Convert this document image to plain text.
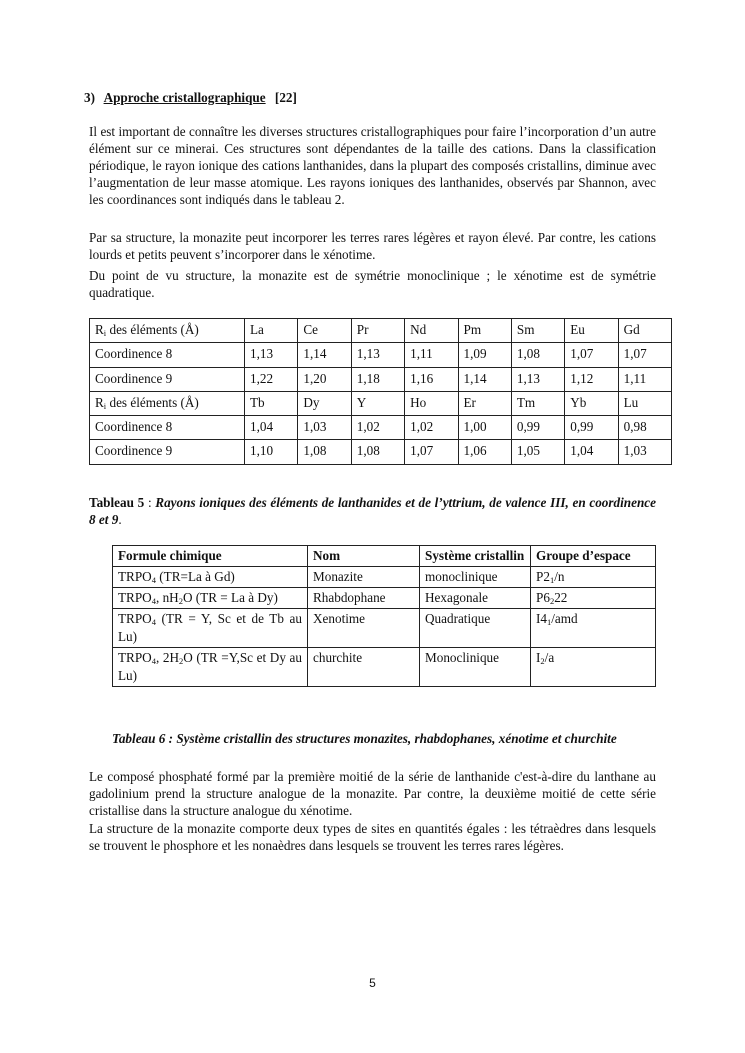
3) Approche cristallographique [22]

Il est important de connaître les diverses structures cristallographiques pour faire l’incorporation d’un autre élément sur ce minerai. Ces structures sont dépendantes de la taille des cations. Dans la classification périodique, le rayon ionique des cations lanthanides, dans la plupart des composés cristallins, diminue avec l’augmentation de leur masse atomique. Les rayons ioniques des lanthanides, observés par Shannon, avec les coordinances sont indiqués dans le tableau 2.

Par sa structure, la monazite peut incorporer les terres rares légères et rayon élevé. Par contre, les cations lourds et petits peuvent s’incorporer dans le xénotime.

Du point de vu structure, la monazite est de symétrie monoclinique ; le xénotime est de symétrie quadratique.

$R_i$ des éléments (Å)	La	Ce	Pr	Nd	Pm	Sm	Eu	Gd
Coordinence 8	1,13	1,14	1,13	1,11	1,09	1,08	1,07	1,07
Coordinence 9	1,22	1,20	1,18	1,16	1,14	1,13	1,12	1,11
$R_i$ des éléments (Å)	Tb	Dy	Y	Ho	Er	Tm	Yb	Lu
Coordinence 8	1,04	1,03	1,02	1,02	1,00	0,99	0,99	0,98
Coordinence 9	1,10	1,08	1,08	1,07	1,06	1,05	1,04	1,03

Tableau 5 : Rayons ioniques des éléments de lanthanides et de l’yttrium, de valence III, en coordinence 8 et 9.

Formule chimique	Nom	Système cristallin	Groupe d’espace
$TRPO_4$ (TR=La à Gd)	Monazite	monoclinique	$P2_1/n$
$TRPO_4$, $nH_2O$ (TR = La à Dy)	Rhabdophane	Hexagonale	$P6_222$
$TRPO_4$ (TR = Y, Sc et de Tb au Lu)	Xenotime	Quadratique	$I4_1$/amd
$TRPO_4$, $2H_2O$ (TR =Y,Sc et Dy au Lu)	churchite	Monoclinique	$I_2/a$

Tableau 6 : Système cristallin des structures monazites, rhabdophanes, xénotime et churchite

Le composé phosphaté formé par la première moitié de la série de lanthanide c'est-à-dire du lanthane au gadolinium prend la structure analogue de la monazite. Par contre, la deuxième moitié de cette série cristallise dans la structure analogue du xénotime.

La structure de la monazite comporte deux types de sites en quantités égales : les tétraèdres dans lesquels se trouvent le phosphore et les nonaèdres dans lesquels se trouvent les terres rares légères.

5
